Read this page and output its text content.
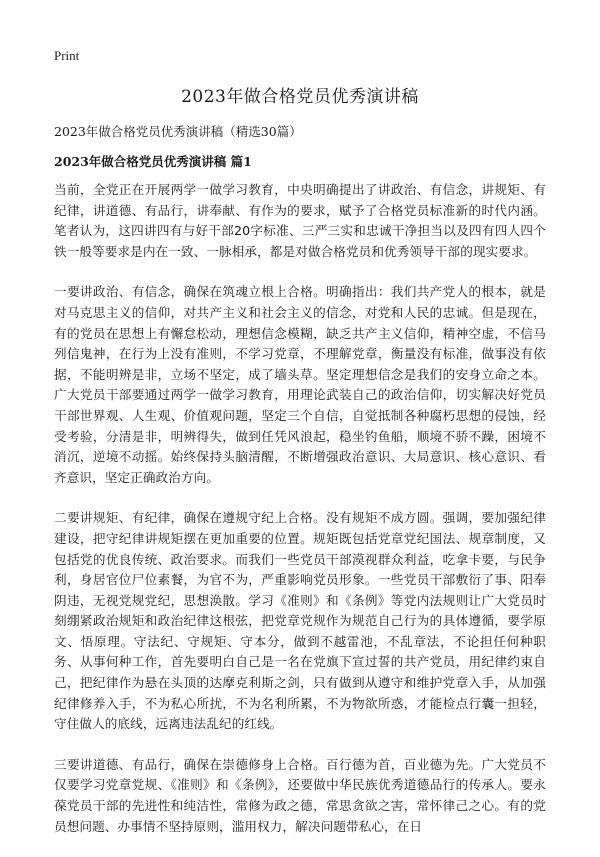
Print
2023年做合格党员优秀演讲稿

2023年做合格党员优秀演讲稿（精选30篇）

2023年做合格党员优秀演讲稿 篇1

当前，全党正在开展两学一做学习教育，中央明确提出了讲政治、有信念，讲规矩、有纪律，讲道德、有品行，讲奉献、有作为的要求，赋予了合格党员标准新的时代内涵。笔者认为，这四讲四有与好干部20字标准、三严三实和忠诚干净担当以及四有四人四个铁一般等要求是内在一致、一脉相承，都是对做合格党员和优秀领导干部的现实要求。

一要讲政治、有信念，确保在筑魂立根上合格。明确指出：我们共产党人的根本，就是对马克思主义的信仰，对共产主义和社会主义的信念，对党和人民的忠诚。但是现在，有的党员在思想上有懈怠松动，理想信念模糊，缺乏共产主义信仰，精神空虚，不信马列信鬼神，在行为上没有准则，不学习党章，不理解党章，衡量没有标准，做事没有依据，不能明辨是非，立场不坚定，成了墙头草。坚定理想信念是我们的安身立命之本。广大党员干部要通过两学一做学习教育，用理论武装自己的政治信仰，切实解决好党员干部世界观、人生观、价值观问题，坚定三个自信，自觉抵制各种腐朽思想的侵蚀，经受考验，分清是非，明辨得失，做到任凭风浪起，稳坐钓鱼船，顺境不骄不躁，困境不消沉，逆境不动摇。始终保持头脑清醒，不断增强政治意识、大局意识、核心意识、看齐意识，坚定正确政治方向。

二要讲规矩、有纪律，确保在遵规守纪上合格。没有规矩不成方圆。强调，要加强纪律建设，把守纪律讲规矩摆在更加重要的位置。规矩既包括党章党纪国法、规章制度，又包括党的优良传统、政治要求。而我们一些党员干部漠视群众利益，吃拿卡要，与民争利，身居官位尸位素餐，为官不为，严重影响党员形象。一些党员干部敷衍了事、阳奉阴违，无视党规党纪，思想涣散。学习《准则》和《条例》等党内法规则让广大党员时刻绷紧政治规矩和政治纪律这根弦，把党章党规作为规范自己行为的具体遵循，要学原文、悟原理。守法纪、守规矩、守本分，做到不越雷池，不乱章法，不论担任何种职务、从事何种工作，首先要明白自己是一名在党旗下宣过誓的共产党员，用纪律约束自己，把纪律作为悬在头顶的达摩克利斯之剑，只有做到从遵守和维护党章入手，从加强纪律修养入手，不为私心所扰，不为名利所累，不为物欲所惑，才能检点行囊一担轻，守住做人的底线，远离违法乱纪的红线。

三要讲道德、有品行，确保在崇德修身上合格。百行德为首，百业德为先。广大党员不仅要学习党章党规、《准则》和《条例》，还要做中华民族优秀道德品行的传承人。要永葆党员干部的先进性和纯洁性，常修为政之德，常思贪欲之害，常怀律己之心。有的党员想问题、办事情不坚持原则，滥用权力，解决问题带私心，在日
